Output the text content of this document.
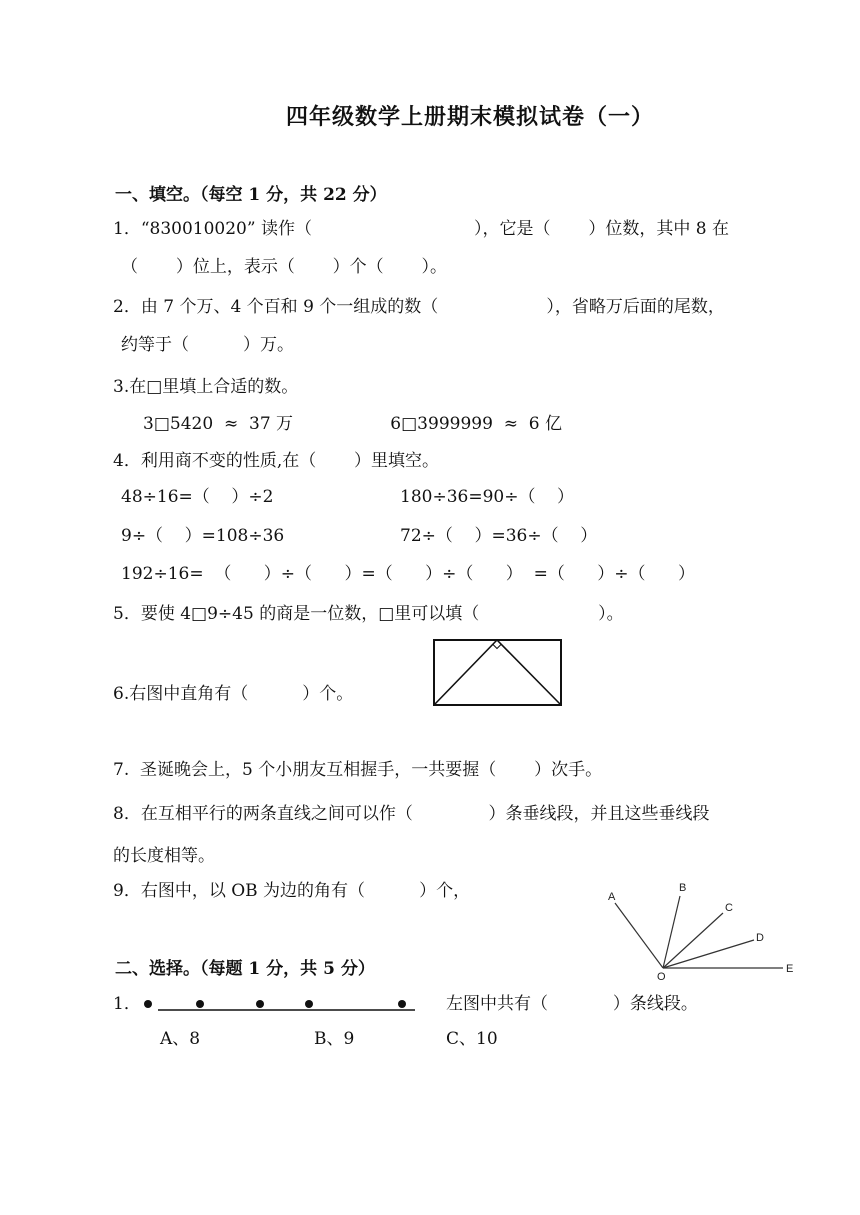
四年级数学上册期末模拟试卷（一）
一、填空。（每空 1 分，共 22 分）
1．“830010020” 读作（                              ），它是（       ）位数，其中 8 在
（       ）位上，表示（       ）个（       ）。
2．由 7 个万、4 个百和 9 个一组成的数（                    ），省略万后面的尾数，
约等于（          ）万。
3.在□里填上合适的数。
3□5420  ≈  37 万                  6□3999999  ≈  6 亿
4．利用商不变的性质,在（       ）里填空。
48÷16=（    ）÷2	180÷36=90÷（    ）
9÷（    ）=108÷36	72÷（    ）=36÷（    ）
192÷16=  （      ）÷（      ）=（      ）÷（      ）  =（      ）÷（      ）
5．要使 4□9÷45 的商是一位数，□里可以填（                      ）。
6.右图中直角有（          ）个。
7.  圣诞晚会上，5 个小朋友互相握手，一共要握（       ）次手。
8．在互相平行的两条直线之间可以作（              ）条垂线段，并且这些垂线段
的长度相等。
9．右图中，以 OB 为边的角有（          ）个，	A
B
C
D
E
O
二、选择。（每题 1 分，共 5 分）
1．	左图中共有（            ）条线段。
A、8	B、9	C、10
